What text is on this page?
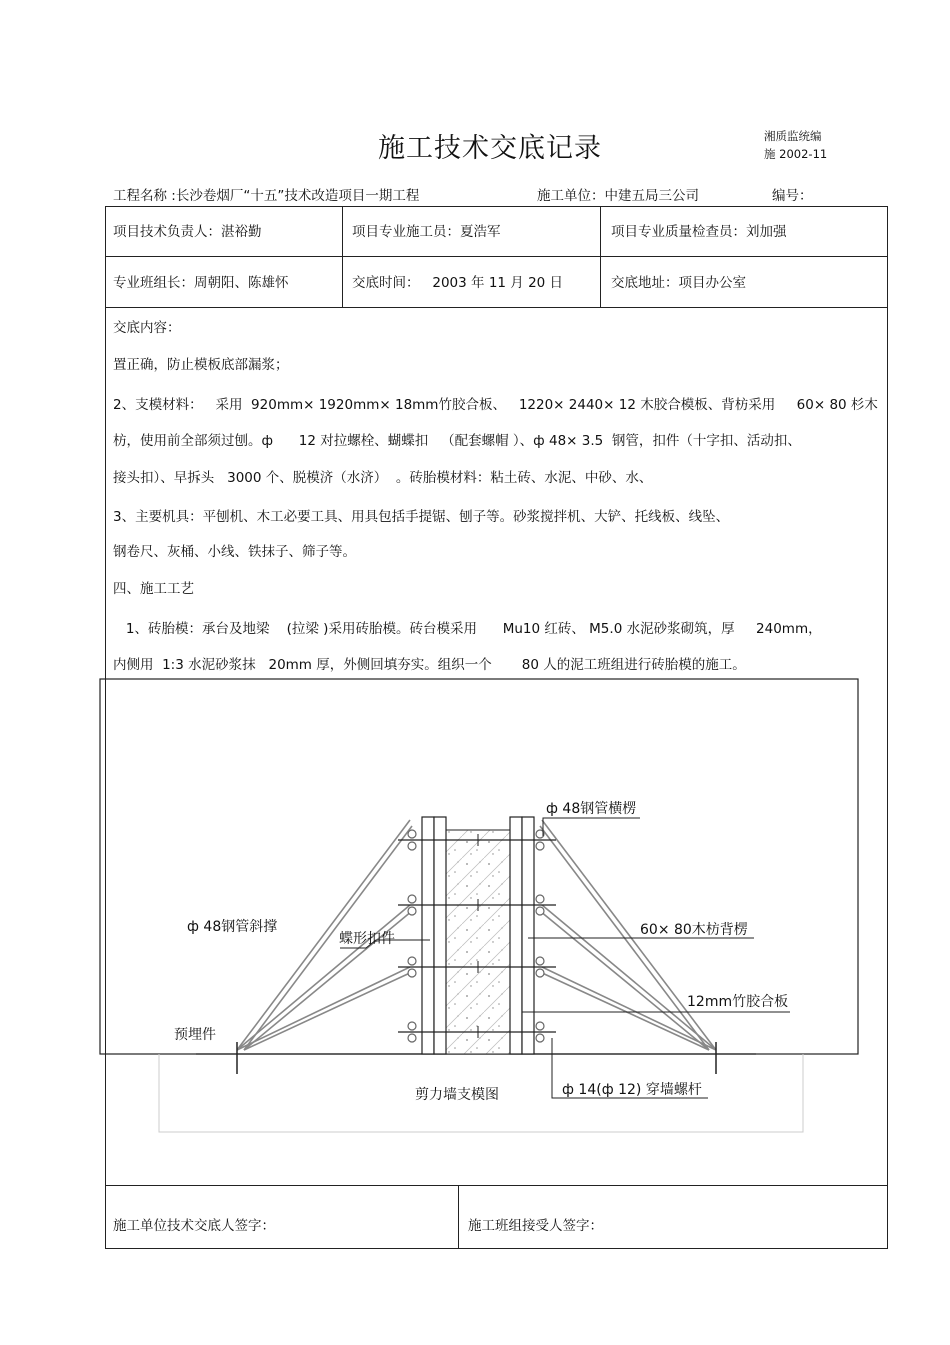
施工技术交底记录	湘质监统编
施 2002-11
工程名称 :长沙卷烟厂“十五”技术改造项目一期工程	施工单位：中建五局三公司	编号：
项目技术负责人：湛裕勤	项目专业施工员：夏浩军	项目专业质量检查员：刘加强
专业班组长：周朝阳、陈雄怀	交底时间：   2003 年 11 月 20 日	交底地址：项目办公室
交底内容：
置正确，防止模板底部漏浆；
2、支模材料：   采用  920mm× 1920mm× 18mm竹胶合板、   1220× 2440× 12 木胶合模板、背枋采用     60× 80 杉木
枋，使用前全部须过刨。ф      12 对拉螺栓、蝴蝶扣   （配套螺帽 ）、ф 48× 3.5  钢管，扣件（十字扣、活动扣、
接头扣）、早拆头   3000 个、脱模济（水济）  。砖胎模材料：粘土砖、水泥、中砂、水、
3、主要机具：平刨机、木工必要工具、用具包括手提锯、刨子等。砂浆搅拌机、大铲、托线板、线坠、
钢卷尺、灰桶、小线、铁抹子、筛子等。
四、施工工艺
1、砖胎模：承台及地梁    (拉梁 )采用砖胎模。砖台模采用      Mu10 红砖、 M5.0 水泥砂浆砌筑，厚     240mm，
内侧用  1:3 水泥砂浆抹   20mm 厚，外侧回填夯实。组织一个       80 人的泥工班组进行砖胎模的施工。
ф 48钢管横楞
ф 48钢管斜撑
蝶形扣件
60× 80木枋背楞
12mm竹胶合板
预埋件
剪力墙支模图	ф 14(ф 12) 穿墙螺杆
施工单位技术交底人签字：	施工班组接受人签字：
